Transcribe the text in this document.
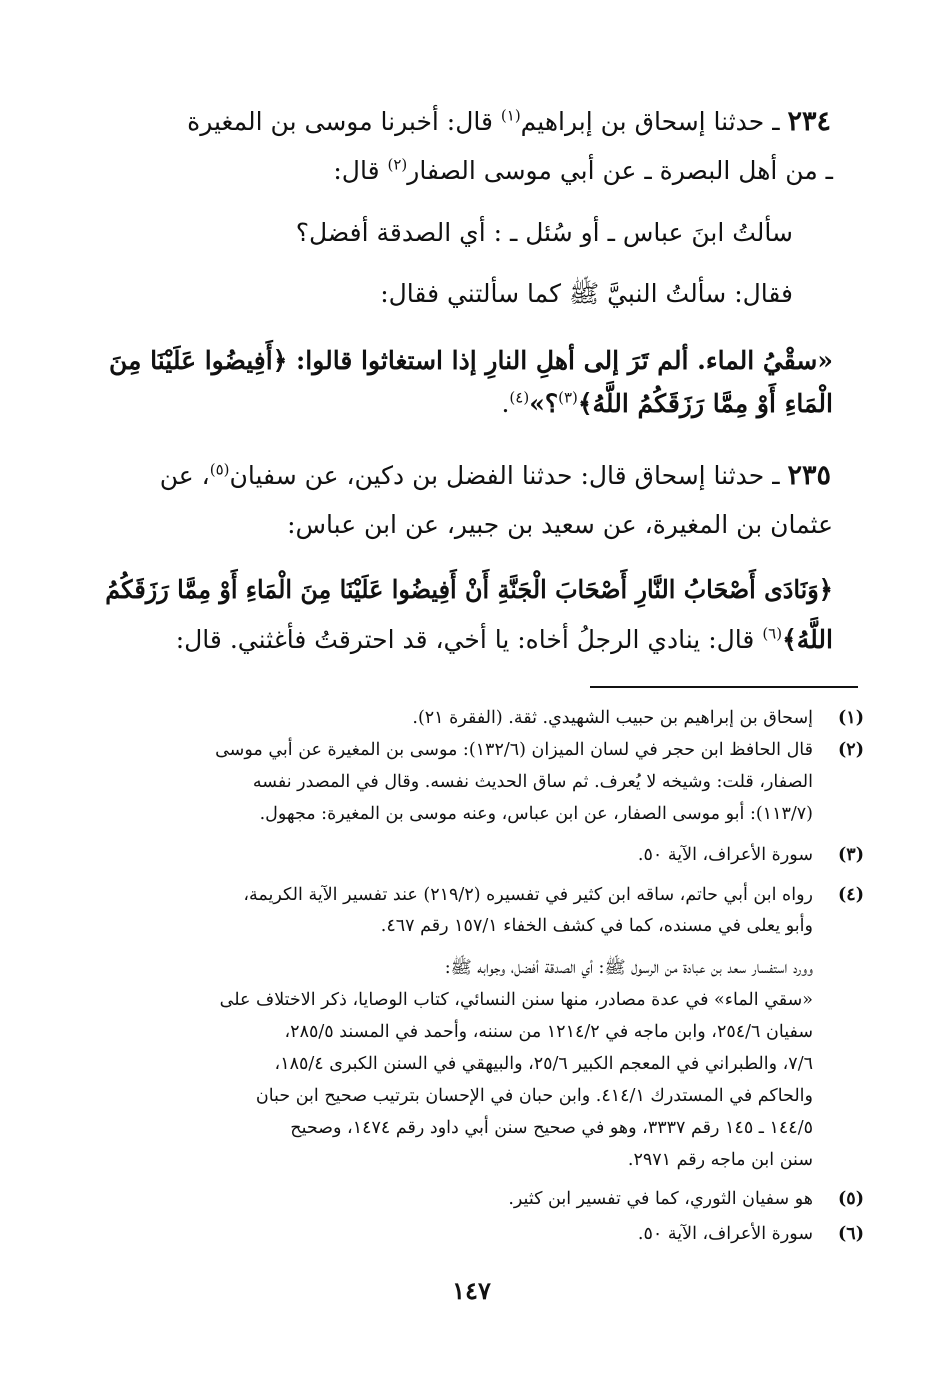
٢٣٤ ـ حدثنا إسحاق بن إبراهيم$^{(١)}$ قال: أخبرنا موسى بن المغيرة
ـ من أهل البصرة ـ عن أبي موسى الصفار$^{(٢)}$ قال:
سألتُ ابنَ عباس ـ أو سُئل ـ : أي الصدقة أفضل؟
فقال: سألتُ النبيَّ ﷺ كما سألتني فقال:
«سقْيُ الماء. ألم تَرَ إلى أهلِ النارِ إذا استغاثوا قالوا: ﴿أَفِيضُوا عَلَيْنَا مِنَ
الْمَاءِ أَوْ مِمَّا رَزَقَكُمُ اللَّهُ﴾$^{(٣)}$؟»$^{(٤)}$.
٢٣٥ ـ حدثنا إسحاق قال: حدثنا الفضل بن دكين، عن سفيان$^{(٥)}$، عن
عثمان بن المغيرة، عن سعيد بن جبير، عن ابن عباس:
﴿وَنَادَى أَصْحَابُ النَّارِ أَصْحَابَ الْجَنَّةِ أَنْ أَفِيضُوا عَلَيْنَا مِنَ الْمَاءِ أَوْ مِمَّا رَزَقَكُمُ
اللَّهُ﴾$^{(٦)}$ قال: ينادي الرجلُ أخاه: يا أخي، قد احترقتُ فأغثني. قال:
(١)
إسحاق بن إبراهيم بن حبيب الشهيدي. ثقة. (الفقرة ٢١).
(٢)
قال الحافظ ابن حجر في لسان الميزان (١٣٢/٦): موسى بن المغيرة عن أبي موسى
الصفار، قلت: وشيخه لا يُعرف. ثم ساق الحديث نفسه. وقال في المصدر نفسه
(١١٣/٧): أبو موسى الصفار، عن ابن عباس، وعنه موسى بن المغيرة: مجهول.
(٣)
سورة الأعراف، الآية ٥٠.
(٤)
رواه ابن أبي حاتم، ساقه ابن كثير في تفسيره (٢١٩/٢) عند تفسير الآية الكريمة،
وأبو يعلى في مسنده، كما في كشف الخفاء ١٥٧/١ رقم ٤٦٧.
وورد استفسار سعد بن عبادة من الرسول ﷺ: أي الصدقة أفضل، وجوابه ﷺ:
«سقي الماء» في عدة مصادر، منها سنن النسائي، كتاب الوصايا، ذكر الاختلاف على
سفيان ٢٥٤/٦، وابن ماجه في ١٢١٤/٢ من سننه، وأحمد في المسند ٢٨٥/٥،
٧/٦، والطبراني في المعجم الكبير ٢٥/٦، والبيهقي في السنن الكبرى ١٨٥/٤،
والحاكم في المستدرك ٤١٤/١. وابن حبان في الإحسان بترتيب صحيح ابن حبان
١٤٤/٥ ـ ١٤٥ رقم ٣٣٣٧، وهو في صحيح سنن أبي داود رقم ١٤٧٤، وصحيح
سنن ابن ماجه رقم ٢٩٧١.
(٥)
هو سفيان الثوري، كما في تفسير ابن كثير.
(٦)
سورة الأعراف، الآية ٥٠.
١٤٧
